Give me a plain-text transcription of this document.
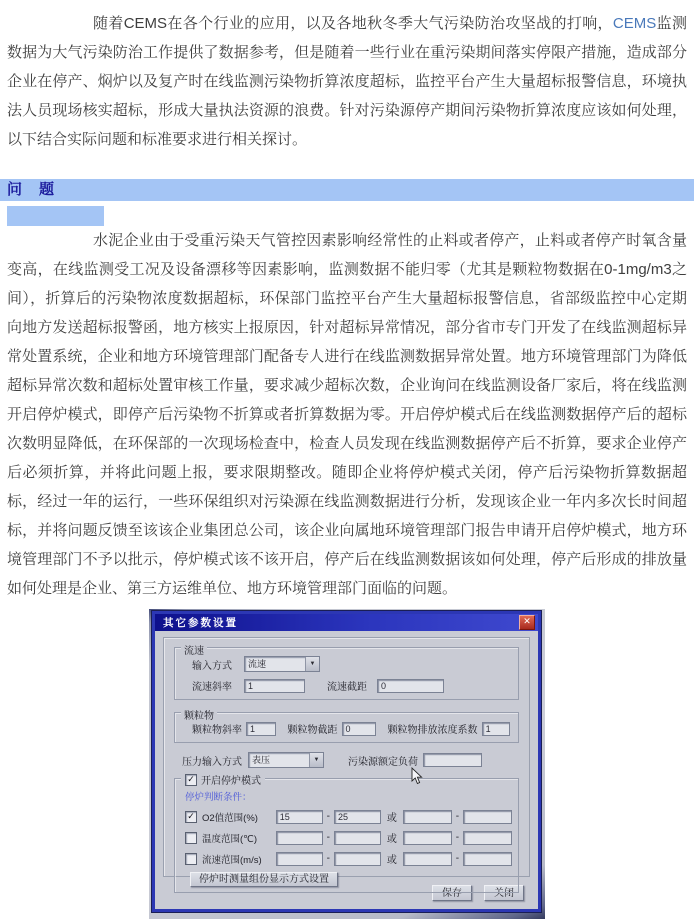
随着CEMS在各个行业的应用，以及各地秋冬季大气污染防治攻坚战的打响，CEMS监测数据为大气污染防治工作提供了数据参考，但是随着一些行业在重污染期间落实停限产措施，造成部分企业在停产、焖炉以及复产时在线监测污染物折算浓度超标，监控平台产生大量超标报警信息，环境执法人员现场核实超标，形成大量执法资源的浪费。针对污染源停产期间污染物折算浓度应该如何处理，以下结合实际问题和标准要求进行相关探讨。

问　题

水泥企业由于受重污染天气管控因素影响经常性的止料或者停产，止料或者停产时氧含量变高，在线监测受工况及设备漂移等因素影响，监测数据不能归零（尤其是颗粒物数据在0-1mg/m3之间），折算后的污染物浓度数据超标，环保部门监控平台产生大量超标报警信息，省部级监控中心定期向地方发送超标报警函，地方核实上报原因，针对超标异常情况，部分省市专门开发了在线监测超标异常处置系统，企业和地方环境管理部门配备专人进行在线监测数据异常处置。地方环境管理部门为降低超标异常次数和超标处置审核工作量，要求减少超标次数，企业询问在线监测设备厂家后，将在线监测开启停炉模式，即停产后污染物不折算或者折算数据为零。开启停炉模式后在线监测数据停产后的超标次数明显降低，在环保部的一次现场检查中，检查人员发现在线监测数据停产后不折算，要求企业停产后必须折算，并将此问题上报，要求限期整改。随即企业将停炉模式关闭，停产后污染物折算数据超标，经过一年的运行，一些环保组织对污染源在线监测数据进行分析，发现该企业一年内多次长时间超标，并将问题反馈至该该企业集团总公司，该企业向属地环境管理部门报告申请开启停炉模式，地方环境管理部门不予以批示，停炉模式该不该开启，停产后在线监测数据该如何处理，停产后形成的排放量如何处理是企业、第三方运维单位、地方环境管理部门面临的问题。

其它参数设置	✕
流速
输入方式	流速	▼
流速斜率	1	流速截距	0
颗粒物
颗粒物斜率 1	颗粒物截距 0	颗粒物排放浓度系数 1
压力输入方式	表压	▼	污染源额定负荷
✓ 开启停炉模式
停炉判断条件：
✓ O2值范围(%)	15	- 25	或	-
温度范围(℃)	-	或	-
流速范围(m/s)	-	或	-
停炉时测量组份显示方式设置
保存	关闭
